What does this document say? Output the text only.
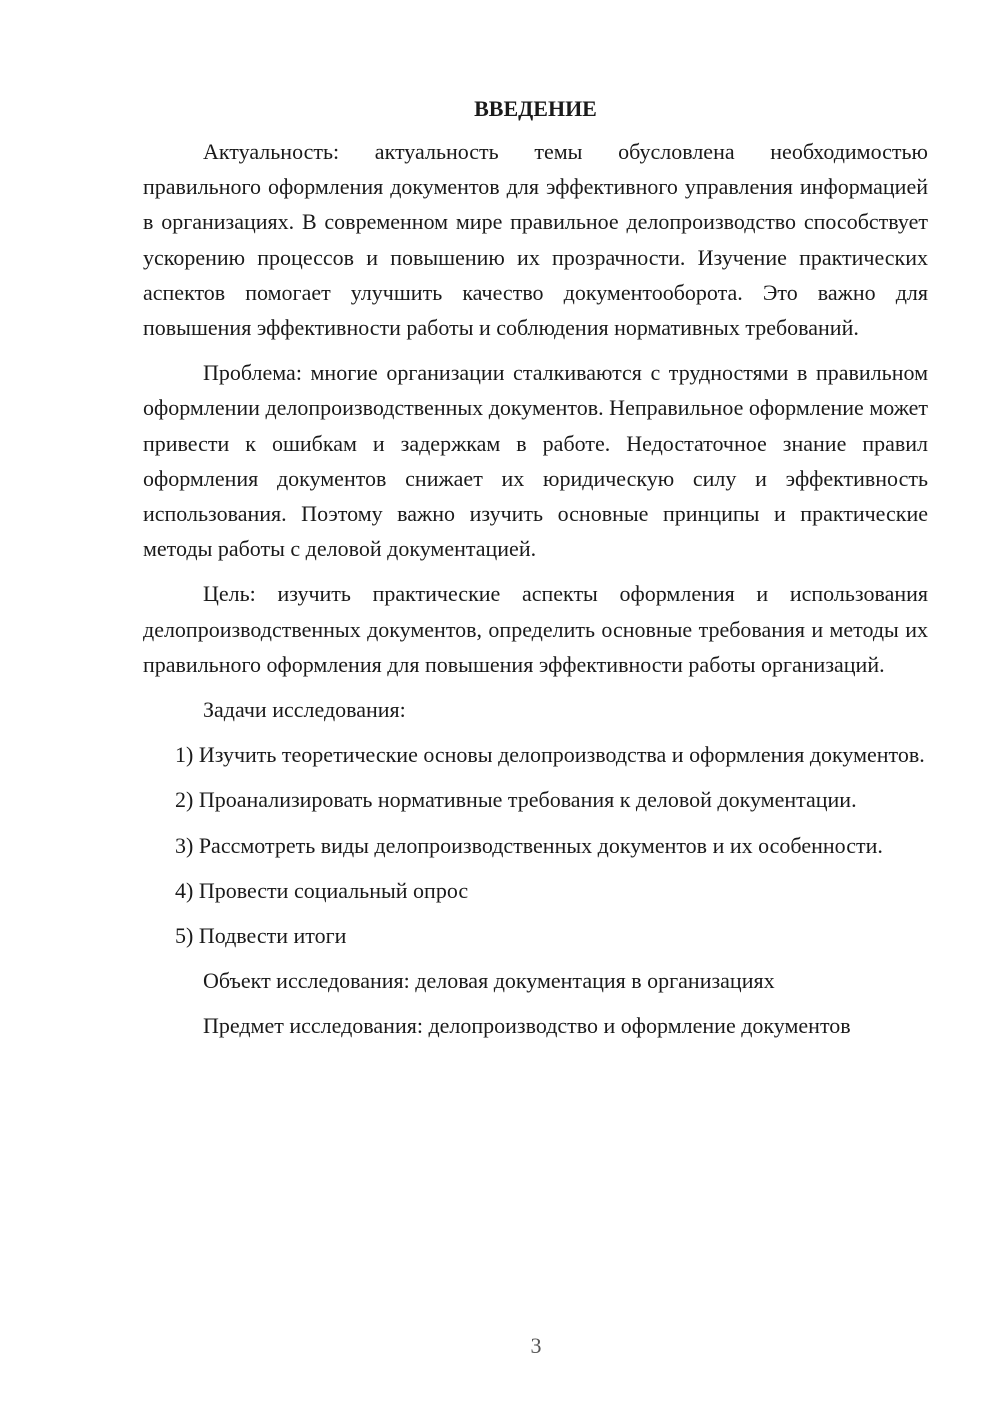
ВВЕДЕНИЕ

Актуальность: актуальность темы обусловлена необходимостью правильного оформления документов для эффективного управления информацией в организациях. В современном мире правильное делопроизводство способствует ускорению процессов и повышению их прозрачности. Изучение практических аспектов помогает улучшить качество документооборота. Это важно для повышения эффективности работы и соблюдения нормативных требований.

Проблема: многие организации сталкиваются с трудностями в правильном оформлении делопроизводственных документов. Неправильное оформление может привести к ошибкам и задержкам в работе. Недостаточное знание правил оформления документов снижает их юридическую силу и эффективность использования. Поэтому важно изучить основные принципы и практические методы работы с деловой документацией.

Цель: изучить практические аспекты оформления и использования делопроизводственных документов, определить основные требования и методы их правильного оформления для повышения эффективности работы организаций.

Задачи исследования:

1) Изучить теоретические основы делопроизводства и оформления документов.

2) Проанализировать нормативные требования к деловой документации.

3) Рассмотреть виды делопроизводственных документов и их особенности.

4) Провести социальный опрос

5) Подвести итоги

Объект исследования: деловая документация в организациях

Предмет исследования: делопроизводство и оформление документов

3
